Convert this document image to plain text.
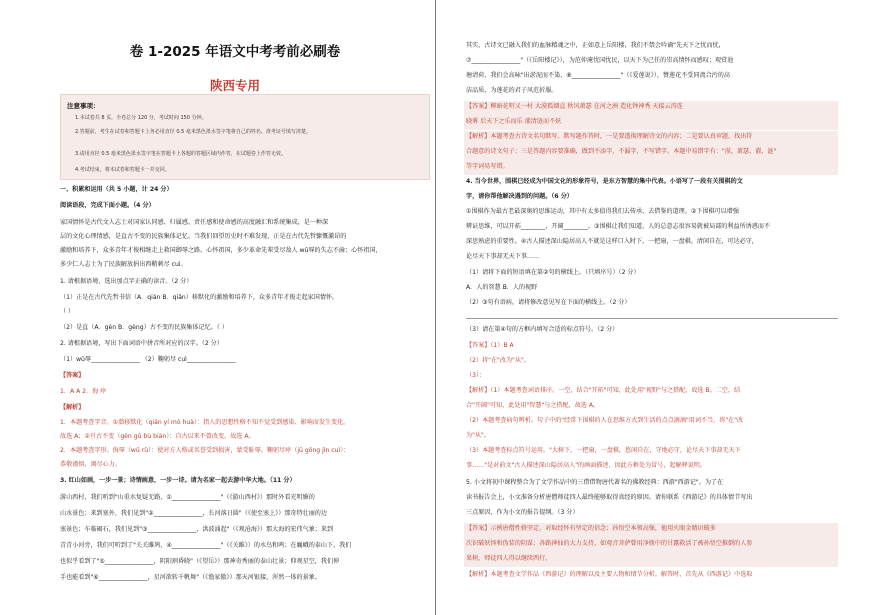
卷 1-2025 年语文中考考前必刷卷
陕西专用
注意事项：
1.本试卷共 8 页，全卷总分 120 分，考试时间 150 分钟。
2.答题前，考生在试卷和答题卡上务必用直径 0.5 毫米黑色墨水签字笔将自己的姓名、准考证号填写清楚。
3.请用直径 0.5 毫米黑色墨水签字笔在答题卡上各题的答题区域内作答，在试题卷上作答无效。
4.考试结束，将本试卷和答题卡一并交回。
一、积累和运用（共 5 小题，计 24 分）
阅读语段，完成下面小题。（4 分）
家国情怀是古代文人志士对国家认同感、归属感、责任感和使命感的高度融汇和系统集成，是一种深
层的文化心理情感，是直古不变的民族集体记忆。当我们回望历史时不难发现，正是在古代先哲慷慨激昂的
激励和培养下，众多青年才俊相继走上救国御辱之路。心怀祖国，多少革命先辈受尽敌人 wū辱的失志不渝；心怀祖国，
多少仁人志士为了民族解放捐出西鞘刺尽 cuì。
1. 请根据语境，选出加点字正确的读音。（2 分）
（1）正是在古代先哲书信（A．qián B．qiǎn）移默化的激励和培养下，众多青年才俊走起家国情怀。
（ ）
（2）是直（A．gèn B．gèng）古不变的民族集体记忆。（ ）
2. 请根据语境，写出下面词语中拼音所对应的汉字。（2 分）
（1）wū辱________________ （2）鞠躬尽 cuì________________
【答案】
1．A A 2．侮 瘁
【解析】
1．本题考查字音。①潜移默化（qián yí mò huà）：指人的思想性格不知不觉受到感染、影响而发生变化。
故选 A；②亘古不变（gèn gǔ bù biàn）：自古以来不曾改变。故选 A。
2．本题考查字形。侮辱（wǔ rǔ）：使对方人格或名誉受到损害，蒙受耻辱。鞠躬尽瘁（jū gōng jìn cuì）：
恭敬谨慎，竭尽心力。
3. 红山如画，一步一景；诗情画意，一步一诗。请为名家一起去游中华大地。（11 分）
游山西村，我们听到"山重水复疑无路，①________________"（《游山西村》）那时外看光明媚的
山水景色；来到塞外，我们见到"②________________，长河落日圆"（《使至塞上》）那奇特壮丽的边
塞景色；车临碣石，我们见到"③________________，洪波涌起"（《观沧海》）那大海的宏伟气象；来到
青青小河旁，我们可听到了"关关雎鸠，④________________"（《关雎》）的水鸟和鸣；在巍峨的泰山下，我们
也似乎看到了"⑤________________，阴阳割昏晓"（《望岳》）那神奇秀丽的泰山壮景；仰观星空，我们伸
手也能看到"⑥________________，星河欲转千帆舞"（《渔家傲》）那天河银接、浑然一体的景象。
其实，古诗文已融入我们的血脉精魂之中，正如意上岳阳楼，我们不禁会吟诵"先天下之忧而忧，
⑦________________"（《岳阳楼记》），为范仲淹忧国忧民，以天下为己任的崇高情怀而感叹；观赏池
塘清荷，我们会高咏"出淤泥而不染，⑧________________"（《爱莲说》），赞莲花不受同流合污的高
洁品质，为莲花的君子风范折服。
【答案】柳暗花明又一村 大漠孤烟直 秋风萧瑟 在河之洲 造化钟神秀 天接云涛连
晓雾 后天下之乐而乐 濯清涟而不妖
【解析】本题考查古诗文名句默写。默写题作答时，一是要透彻理解诗文的内容；二是要认真审题，找出符
合题意的诗文句子；三是答题内容要准确，做到不添字，不漏字，不写错字。本题中易错字有："漠、萧瑟、濯、涟"
等字词易写错。
4. 当今世界，围棋已经成为中国文化的形象符号，是东方智慧的集中代表。小语写了一段有关围棋的文
字，请你帮他解决遇到的问题。（6 分）
①围棋作为最古老最深奥的思维运动，其中有太多值得我们去传承、去借鉴的道理。②下围棋可以增强
辨证思维，可以开拓________，开阔________。③围棋让我们知道，人的总意志很容易就被局部的利益所诱惑而不
深思熟虑的重要性。④古人描述深山隐居高人不就是这样口入时下，一把扇，一盘棋，清闲自在，可达必守，
论尽天下事却无天下事……
（1）请将下面的短语填在第②句的横线上。（只填序号）（2 分）
A．人的智慧 B．人的视野
（2）③句有语病，请将修改意见写在下面的横线上。（2 分）
（3）请在第④句的方框内填写合适的标点符号。（2 分）
【答案】（1）B A
（2）将"在"改为"从"。
（3）：
【解析】（1）本题考查词语排序。一空，结合"开拓"可知，此处用"视野"与之搭配，故选 B。二空，结
合"开阔"可知，此处用"智慧"与之搭配，故选 A。
（2）本题考查病句辨析。句子中的"经常下围棋的人在思维方式到生活的点点滴滴"用词不当，将"在"改
为"从"。
（3）本题考查标点符号运用。"大树下，一把扇，一盘棋，悠闲自在，守地必守，论尽天下事却无天下
事……"是对前文"古人描述深山隐居高人"的画面描述，因此方框处为冒号，起解释说明。
5. 小文将初中课程整合为了文学作品中的三借借物唐代著名的佛教经典：西游"西游记"。为了在
读书报告会上，小文准备分析唐僧师徒四人最终能够取得真经的原因。请你联系《西游记》的具体情节写出
三点原因，作为小文的报告提纲。（3 分）
【答案】示例唐僧性格坚定，对取经怀有坚定的信念；孙悟空本领高强，他用火眼金睛识破多
次识破妖怪和伪装的阴谋；各路神仙的大力支持，如观音菩萨曾用净瓶中的甘露救活了被孙悟空推倒的人参
果树，师徒四人得以继续西行。
【解析】本题考查文学作品《西游记》的理解以及主要人物和情节分析。解答时，首先从《西游记》中选取
